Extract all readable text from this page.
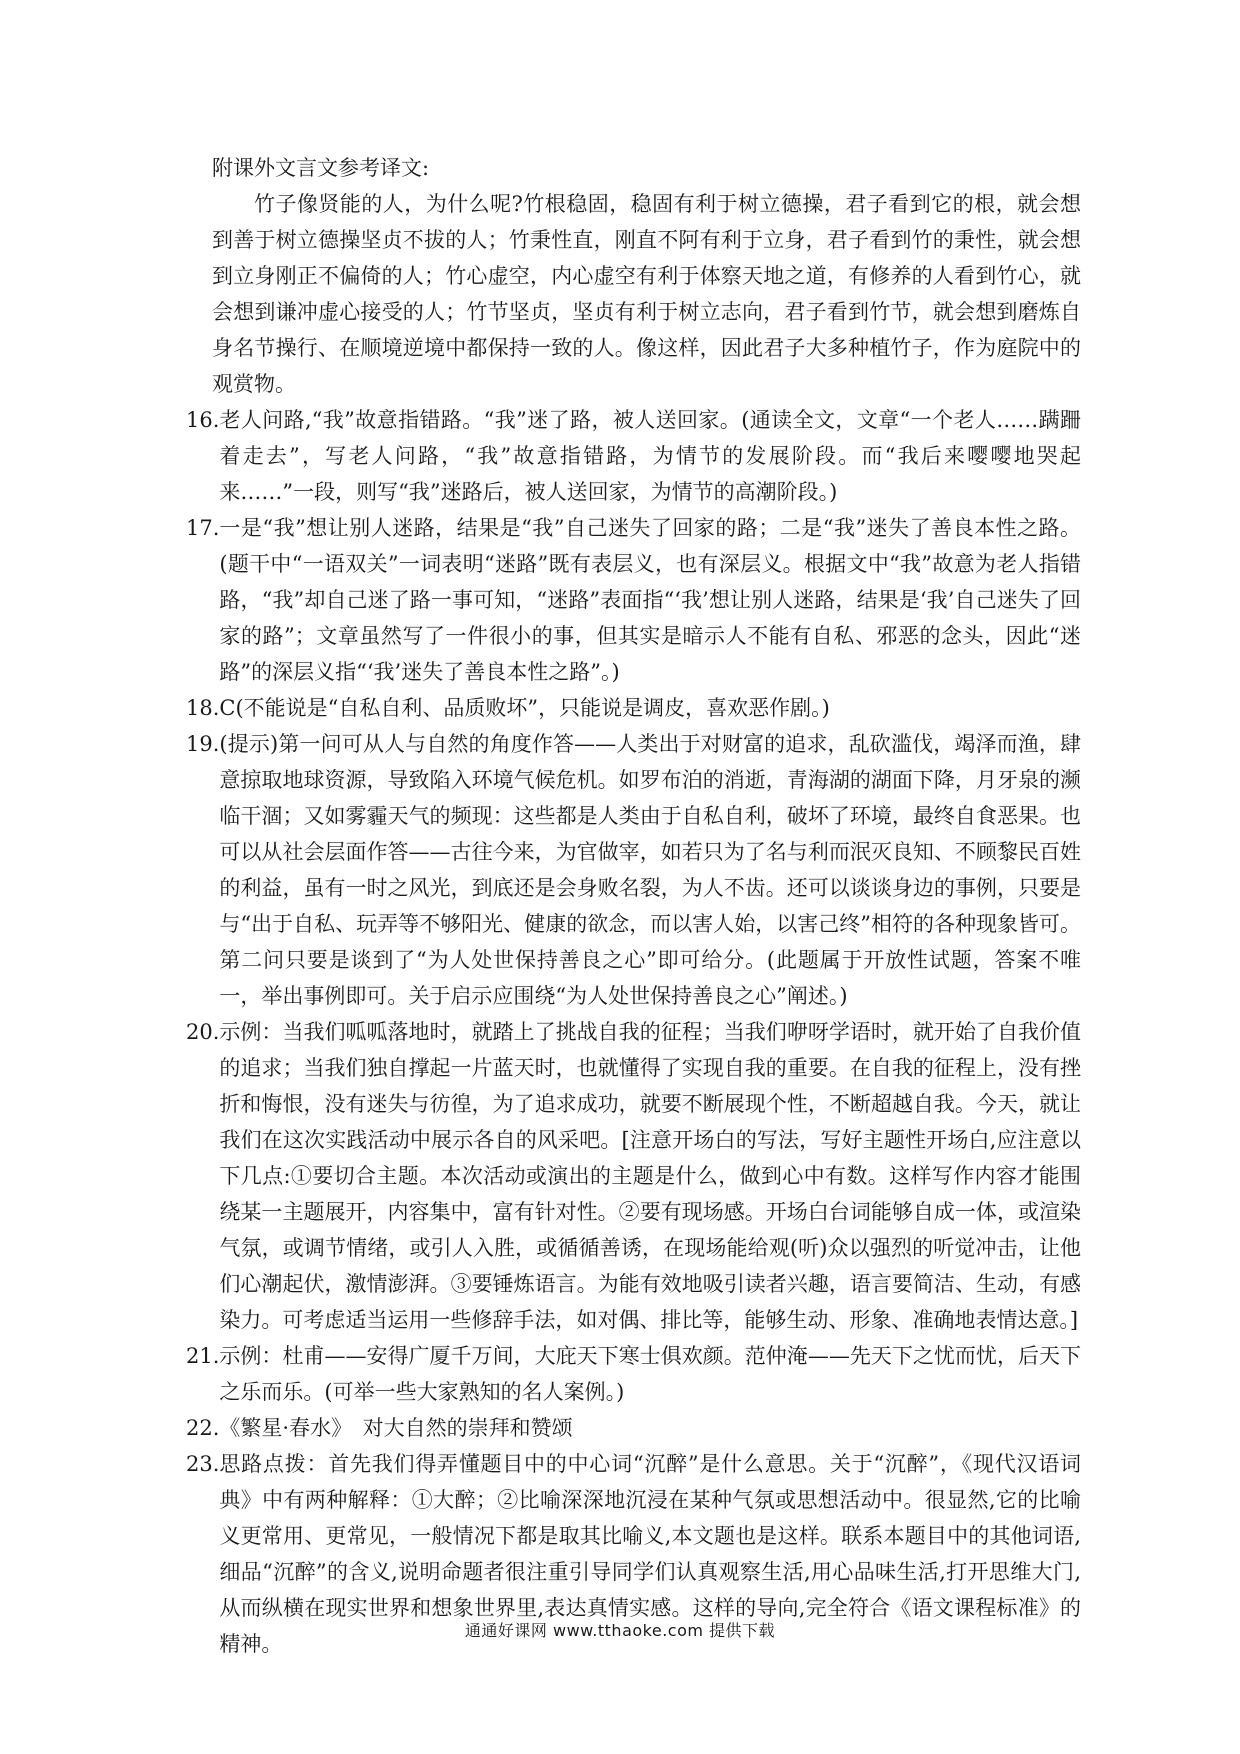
附课外文言文参考译文:

竹子像贤能的人，为什么呢?竹根稳固，稳固有利于树立德操，君子看到它的根，就会想到善于树立德操坚贞不拔的人；竹秉性直，刚直不阿有利于立身，君子看到竹的秉性，就会想到立身刚正不偏倚的人；竹心虚空，内心虚空有利于体察天地之道，有修养的人看到竹心，就会想到谦冲虚心接受的人；竹节坚贞，坚贞有利于树立志向，君子看到竹节，就会想到磨炼自身名节操行、在顺境逆境中都保持一致的人。像这样，因此君子大多种植竹子，作为庭院中的观赏物。

16. 老人问路,“我”故意指错路。“我”迷了路，被人送回家。(通读全文，文章“一个老人……蹒跚着走去”，写老人问路，“我”故意指错路，为情节的发展阶段。而“我后来嘤嘤地哭起来……”一段，则写“我”迷路后，被人送回家，为情节的高潮阶段。)
17. 一是“我”想让别人迷路，结果是“我”自己迷失了回家的路；二是“我”迷失了善良本性之路。(题干中“一语双关”一词表明“迷路”既有表层义，也有深层义。根据文中“我”故意为老人指错路，“我”却自己迷了路一事可知，“迷路”表面指“‘我’想让别人迷路，结果是‘我’自己迷失了回家的路”；文章虽然写了一件很小的事，但其实是暗示人不能有自私、邪恶的念头，因此“迷路”的深层义指“‘我’迷失了善良本性之路”。)
18. C(不能说是“自私自利、品质败坏”，只能说是调皮，喜欢恶作剧。)
19. (提示)第一问可从人与自然的角度作答——人类出于对财富的追求，乱砍滥伐，竭泽而渔，肆意掠取地球资源，导致陷入环境气候危机。如罗布泊的消逝，青海湖的湖面下降，月牙泉的濒临干涸；又如雾霾天气的频现：这些都是人类由于自私自利，破坏了环境，最终自食恶果。也可以从社会层面作答——古往今来，为官做宰，如若只为了名与利而泯灭良知、不顾黎民百姓的利益，虽有一时之风光，到底还是会身败名裂，为人不齿。还可以谈谈身边的事例，只要是与“出于自私、玩弄等不够阳光、健康的欲念，而以害人始，以害己终”相符的各种现象皆可。第二问只要是谈到了“为人处世保持善良之心”即可给分。(此题属于开放性试题，答案不唯一，举出事例即可。关于启示应围绕“为人处世保持善良之心”阐述。)
20. 示例：当我们呱呱落地时，就踏上了挑战自我的征程；当我们咿呀学语时，就开始了自我价值的追求；当我们独自撑起一片蓝天时，也就懂得了实现自我的重要。在自我的征程上，没有挫折和悔恨，没有迷失与彷徨，为了追求成功，就要不断展现个性，不断超越自我。今天，就让我们在这次实践活动中展示各自的风采吧。[注意开场白的写法，写好主题性开场白,应注意以下几点:①要切合主题。本次活动或演出的主题是什么，做到心中有数。这样写作内容才能围绕某一主题展开，内容集中，富有针对性。②要有现场感。开场白台词能够自成一体，或渲染气氛，或调节情绪，或引人入胜，或循循善诱，在现场能给观(听)众以强烈的听觉冲击，让他们心潮起伏，激情澎湃。③要锤炼语言。为能有效地吸引读者兴趣，语言要简洁、生动，有感染力。可考虑适当运用一些修辞手法，如对偶、排比等，能够生动、形象、准确地表情达意。]
21. 示例：杜甫——安得广厦千万间，大庇天下寒士俱欢颜。范仲淹——先天下之忧而忧，后天下之乐而乐。(可举一些大家熟知的名人案例。)
22. 《繁星·春水》　对大自然的崇拜和赞颂
23. 思路点拨：首先我们得弄懂题目中的中心词“沉醉”是什么意思。关于“沉醉”，《现代汉语词典》中有两种解释：①大醉；②比喻深深地沉浸在某种气氛或思想活动中。很显然,它的比喻义更常用、更常见，一般情况下都是取其比喻义,本文题也是这样。联系本题目中的其他词语,细品“沉醉”的含义,说明命题者很注重引导同学们认真观察生活,用心品味生活,打开思维大门,从而纵横在现实世界和想象世界里,表达真情实感。这样的导向,完全符合《语文课程标准》的精神。
通通好课网 www.tthaoke.com 提供下载
